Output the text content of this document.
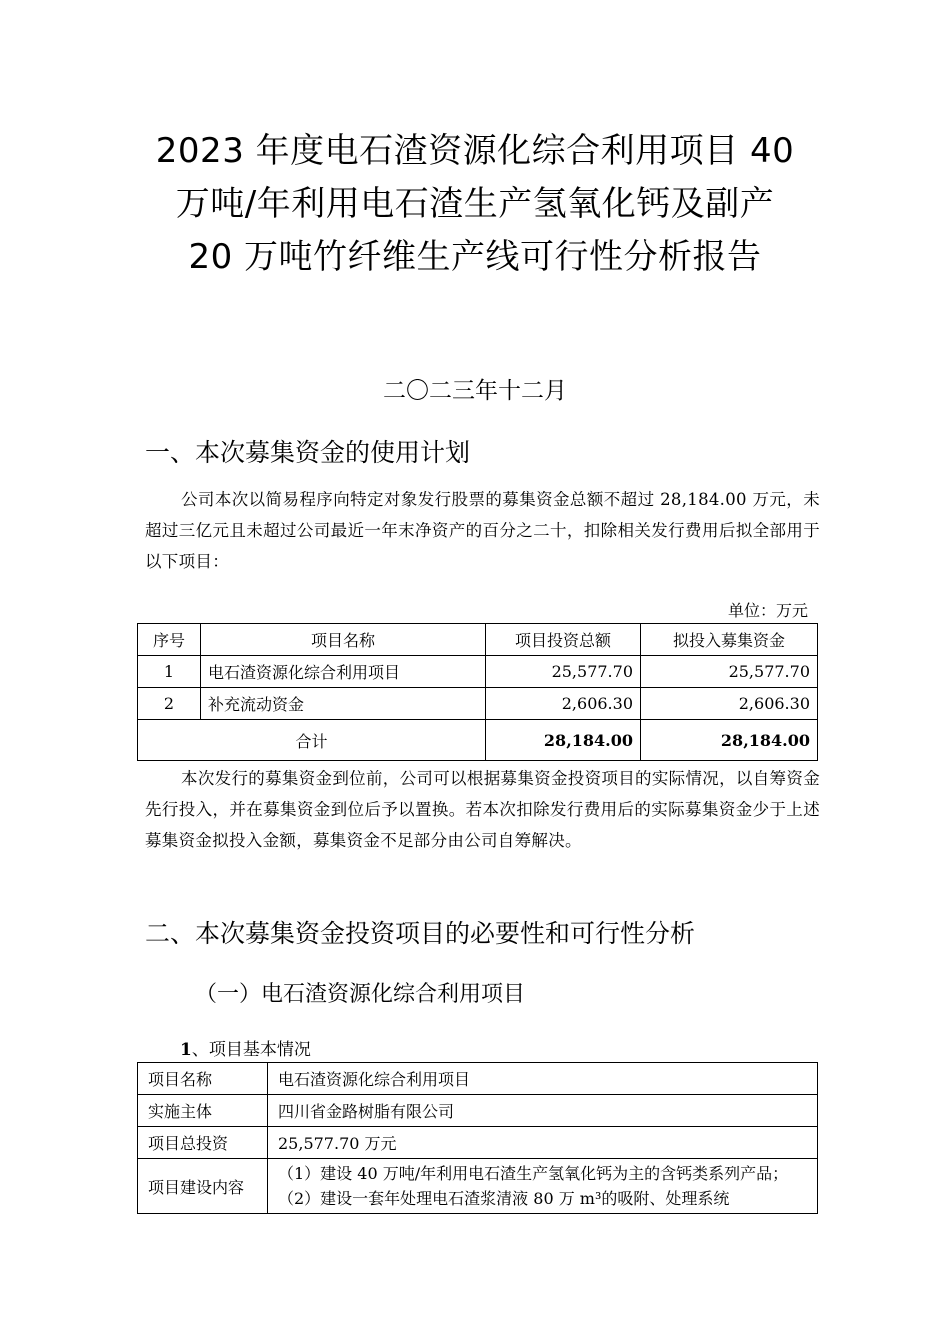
2023 年度电石渣资源化综合利用项目 40
万吨/年利用电石渣生产氢氧化钙及副产
20 万吨竹纤维生产线可行性分析报告
二〇二三年十二月
一、本次募集资金的使用计划
公司本次以简易程序向特定对象发行股票的募集资金总额不超过 28,184.00 万元，未超过三亿元且未超过公司最近一年末净资产的百分之二十，扣除相关发行费用后拟全部用于以下项目：
单位：万元
序号	项目名称	项目投资总额	拟投入募集资金
1	电石渣资源化综合利用项目	25,577.70	25,577.70
2	补充流动资金	2,606.30	2,606.30
合计		28,184.00	28,184.00
本次发行的募集资金到位前，公司可以根据募集资金投资项目的实际情况，以自筹资金先行投入，并在募集资金到位后予以置换。若本次扣除发行费用后的实际募集资金少于上述募集资金拟投入金额，募集资金不足部分由公司自筹解决。
二、本次募集资金投资项目的必要性和可行性分析
（一）电石渣资源化综合利用项目
1、项目基本情况
项目名称	电石渣资源化综合利用项目
实施主体	四川省金路树脂有限公司
项目总投资	25,577.70 万元
项目建设内容	（1）建设 40 万吨/年利用电石渣生产氢氧化钙为主的含钙类系列产品；（2）建设一套年处理电石渣浆清液 80 万 m³的吸附、处理系统
